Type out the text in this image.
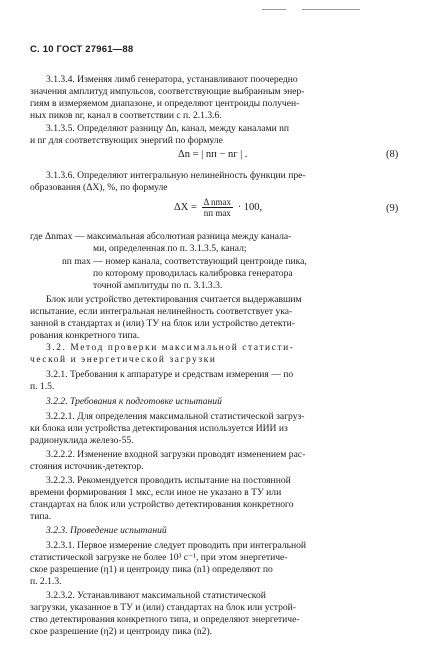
С. 10 ГОСТ 27961—88
3.1.3.4. Изменяя лимб генератора, устанавливают поочередно
значения амплитуд импульсов, соответствующие выбранным энер-
гиям в измеряемом диапазоне, и определяют центроиды получен-
ных пиков nг, канал в соответствии с п. 2.1.3.6.
3.1.3.5. Определяют разницу Δn, канал, между каналами nп
и nг для соответствующих энергий по формуле
Δn = | nп − nг | .	(8)
3.1.3.6. Определяют интегральную нелинейность функции пре-
образования (ΔX), %, по формуле
$\Delta X = \frac{\text{Δ nmax}}{\text{nп max}} \cdot 100$,	(9)
где Δnmax — максимальная абсолютная разница между канала-
ми, определенная по п. 3.1.3.5, канал;
nп max — номер канала, соответствующий центроиде пика,
по которому проводилась калибровка генератора
точной амплитуды по п. 3.1.3.3.
Блок или устройство детектирования считается выдержавшим
испытание, если интегральная нелинейность соответствует ука-
занной в стандартах и (или) ТУ на блок или устройство детекти-
рования конкретного типа.
3.2. Метод проверки максимальной статисти-
ческой и энергетической загрузки
3.2.1. Требования к аппаратуре и средствам измерения — по
п. 1.5.
3.2.2. Требования к подготовке испытаний
3.2.2.1. Для определения максимальной статистической загруз-
ки блока или устройства детектирования используется ИИИ из
радионуклида железо-55.
3.2.2.2. Изменение входной загрузки проводят изменением рас-
стояния источник-детектор.
3.2.2.3. Рекомендуется проводить испытание на постоянной
времени формирования 1 мкс, если иное не указано в ТУ или
стандартах на блок или устройство детектирования конкретного
типа.
3.2.3. Проведение испытаний
3.2.3.1. Первое измерение следует проводить при интегральной
статистической загрузке не более 10³ с⁻¹, при этом энергетиче-
ское разрешение (η1) и центроиду пика (n1) определяют по
п. 2.1.3.
3.2.3.2. Устанавливают максимальной статистической
загрузки, указанное в ТУ и (или) стандартах на блок или устрой-
ство детектирования конкретного типа, и определяют энергетиче-
ское разрешение (η2) и центроиду пика (n2).
